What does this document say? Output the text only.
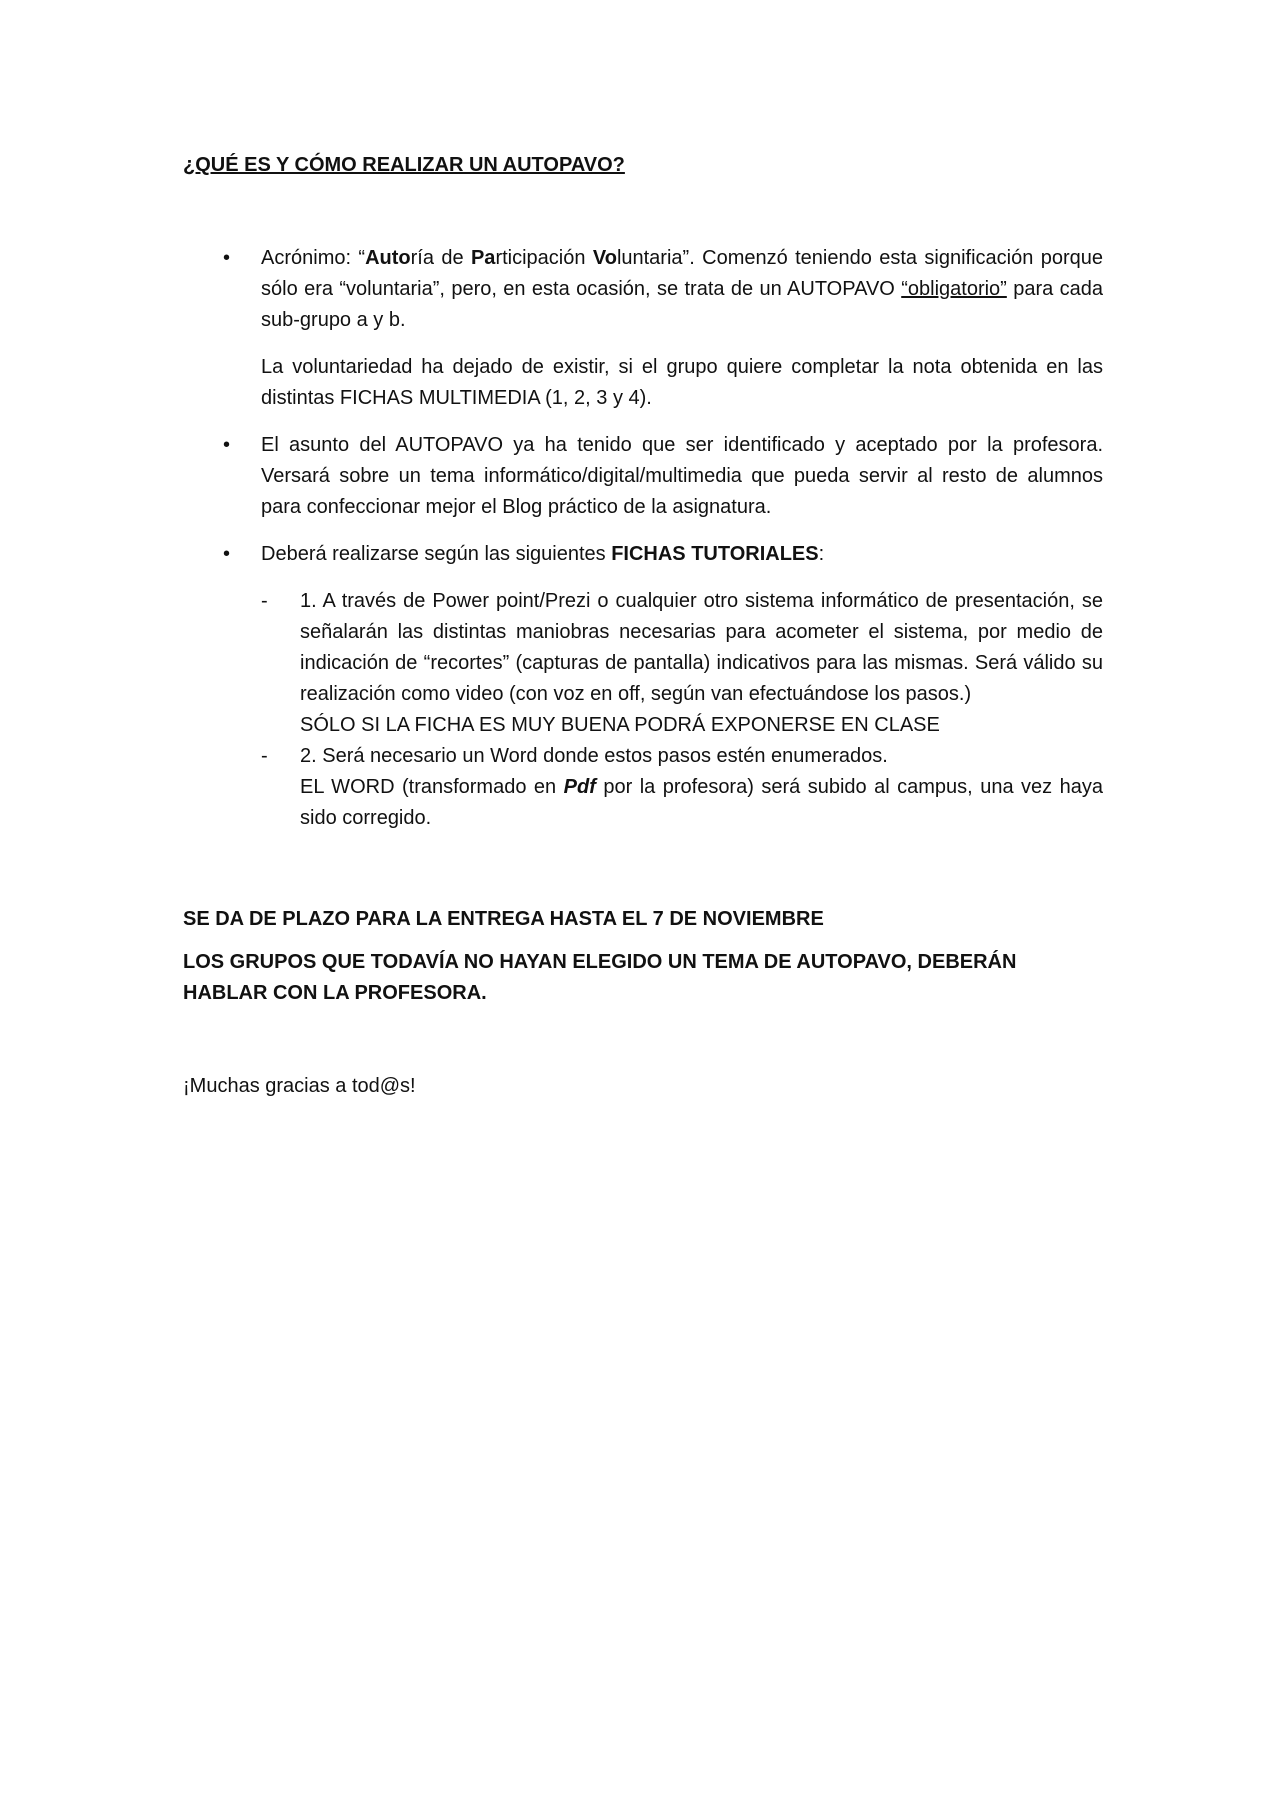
¿QUÉ ES Y CÓMO REALIZAR UN AUTOPAVO?
• Acrónimo: “Autoría de Participación Voluntaria”. Comenzó teniendo esta significación porque sólo era “voluntaria”, pero, en esta ocasión, se trata de un AUTOPAVO “obligatorio” para cada sub-grupo a y b.
La voluntariedad ha dejado de existir, si el grupo quiere completar la nota obtenida en las distintas FICHAS MULTIMEDIA (1, 2, 3 y 4).
• El asunto del AUTOPAVO ya ha tenido que ser identificado y aceptado por la profesora. Versará sobre un tema informático/digital/multimedia que pueda servir al resto de alumnos para confeccionar mejor el Blog práctico de la asignatura.
• Deberá realizarse según las siguientes FICHAS TUTORIALES:
- 1. A través de Power point/Prezi o cualquier otro sistema informático de presentación, se señalarán las distintas maniobras necesarias para acometer el sistema, por medio de indicación de “recortes” (capturas de pantalla) indicativos para las mismas. Será válido su realización como video (con voz en off, según van efectuándose los pasos.)
SÓLO SI LA FICHA ES MUY BUENA PODRÁ EXPONERSE EN CLASE
- 2. Será necesario un Word donde estos pasos estén enumerados.
EL WORD (transformado en Pdf por la profesora) será subido al campus, una vez haya sido corregido.
SE DA DE PLAZO PARA LA ENTREGA HASTA EL 7 DE NOVIEMBRE
LOS GRUPOS QUE TODAVÍA NO HAYAN ELEGIDO UN TEMA DE AUTOPAVO, DEBERÁN HABLAR CON LA PROFESORA.
¡Muchas gracias a tod@s!
